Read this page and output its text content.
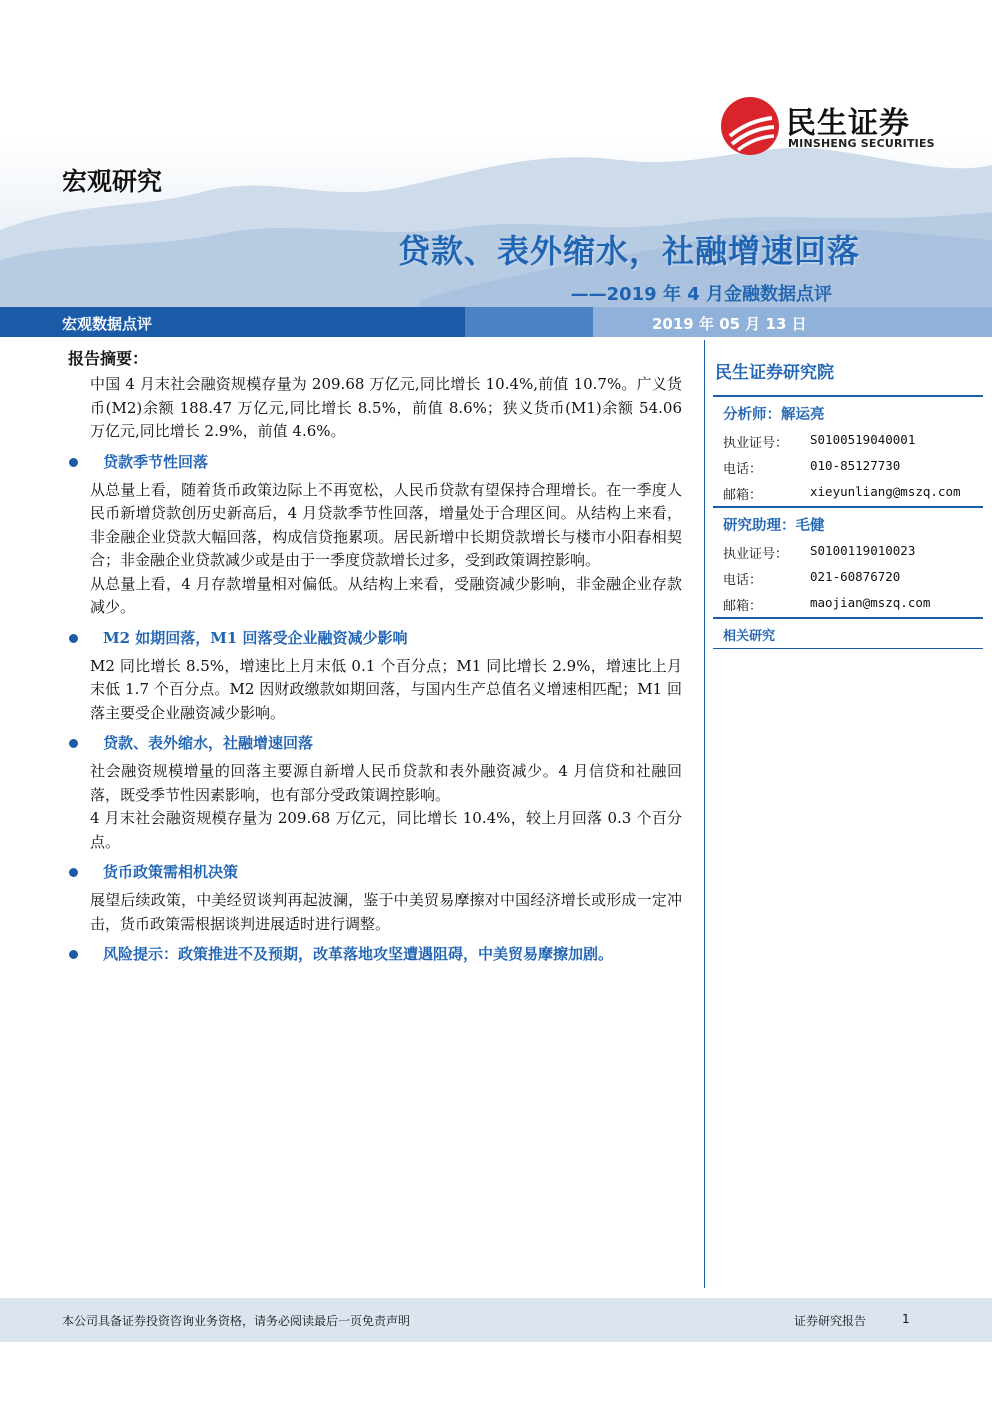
民生证券
MINSHENG SECURITIES
宏观研究
贷款、表外缩水，社融增速回落
——2019 年 4 月金融数据点评
宏观数据点评	2019 年 05 月 13 日
报告摘要：

中国 4 月末社会融资规模存量为 209.68 万亿元,同比增长 10.4%,前值 10.7%。广义货币(M2)余额 188.47 万亿元,同比增长 8.5%，前值 8.6%；狭义货币(M1)余额 54.06 万亿元,同比增长 2.9%，前值 4.6%。

贷款季节性回落

从总量上看，随着货币政策边际上不再宽松，人民币贷款有望保持合理增长。在一季度人民币新增贷款创历史新高后，4 月贷款季节性回落，增量处于合理区间。从结构上来看，非金融企业贷款大幅回落，构成信贷拖累项。居民新增中长期贷款增长与楼市小阳春相契合；非金融企业贷款减少或是由于一季度贷款增长过多，受到政策调控影响。

从总量上看，4 月存款增量相对偏低。从结构上来看，受融资减少影响，非金融企业存款减少。

M2 如期回落，M1 回落受企业融资减少影响

M2 同比增长 8.5%，增速比上月末低 0.1 个百分点；M1 同比增长 2.9%，增速比上月末低 1.7 个百分点。M2 因财政缴款如期回落，与国内生产总值名义增速相匹配；M1 回落主要受企业融资减少影响。

贷款、表外缩水，社融增速回落

社会融资规模增量的回落主要源自新增人民币贷款和表外融资减少。4 月信贷和社融回落，既受季节性因素影响，也有部分受政策调控影响。

4 月末社会融资规模存量为 209.68 万亿元，同比增长 10.4%，较上月回落 0.3 个百分点。

货币政策需相机决策

展望后续政策，中美经贸谈判再起波澜，鉴于中美贸易摩擦对中国经济增长或形成一定冲击，货币政策需根据谈判进展适时进行调整。

风险提示：政策推进不及预期，改革落地攻坚遭遇阻碍，中美贸易摩擦加剧。
民生证券研究院
分析师：解运亮
执业证号： S0100519040001
电话：	010-85127730
邮箱：	xieyunliang@mszq.com
研究助理：毛健
执业证号： S0100119010023
电话：	021-60876720
邮箱：	maojian@mszq.com
相关研究
本公司具备证券投资咨询业务资格，请务必阅读最后一页免责声明	证券研究报告	1
